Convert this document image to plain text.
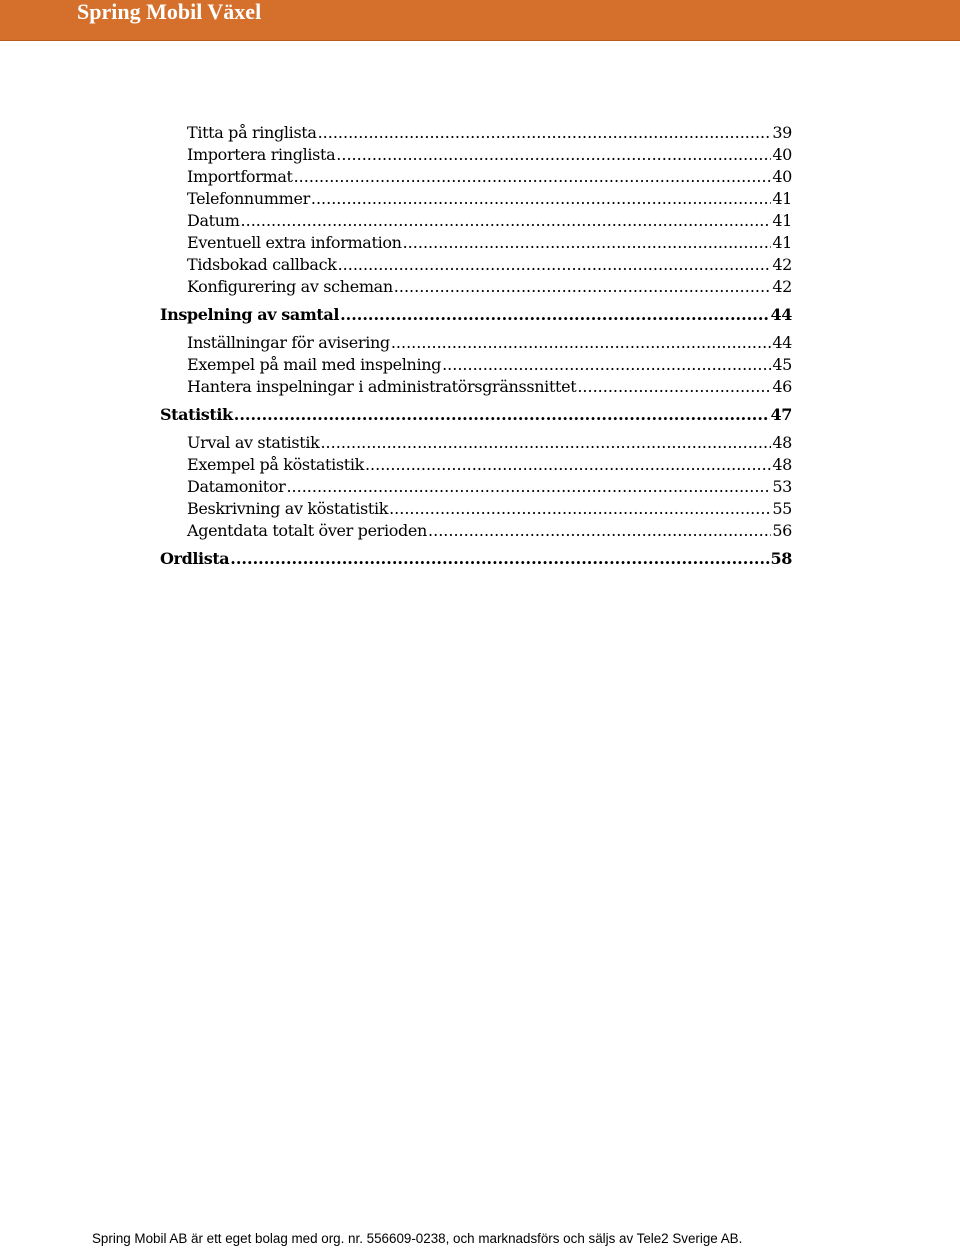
Spring Mobil Växel
Titta på ringlista .....	39
Importera ringlista .....	40
Importformat .....	40
Telefonnummer .....	41
Datum .....	41
Eventuell extra information .....	41
Tidsbokad callback .....	42
Konfigurering av scheman .....	42
Inspelning av samtal .....	44
Inställningar för avisering .....	44
Exempel på mail med inspelning .....	45
Hantera inspelningar i administratörsgränssnittet .....	46
Statistik .....	47
Urval av statistik .....	48
Exempel på köstatistik .....	48
Datamonitor .....	53
Beskrivning av köstatistik .....	55
Agentdata totalt över perioden .....	56
Ordlista .....	58
Spring Mobil AB är ett eget bolag med org. nr. 556609-0238, och marknadsförs och säljs av Tele2 Sverige AB.
